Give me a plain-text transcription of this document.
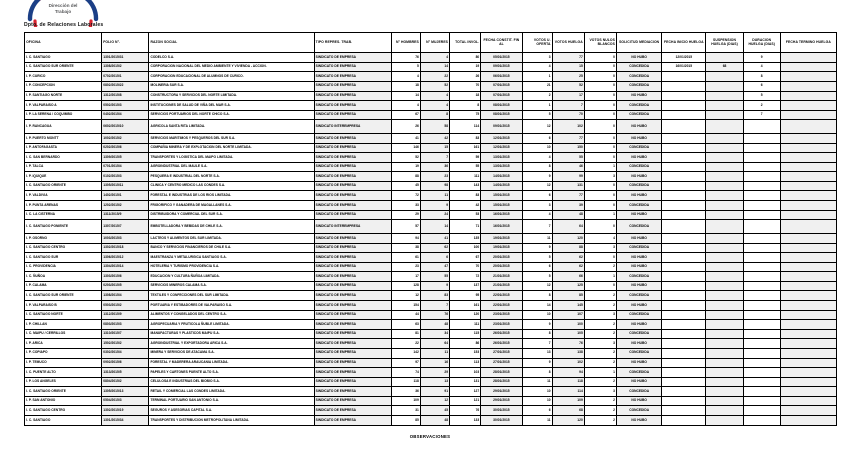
Dirección del
Trabajo
Dpto. de Relaciones Laborales
OFICINA	FOLIO N°.	RAZON SOCIAL	TIPO REPRES. TRAB.	N° HOMBRES	N° MUJERES	TOTAL INVOL.	FECHA CONSTIT. FIN AL	VOTOS U. OFERTA	VOTOS HUELGA	VOTOS NULOS BLANCOS	SOLICITUD MEDIACION	FECHA INICIO HUELGA	SUSPENSION HUELGA (DIAS)	DURACION HUELGA (DIAS)	FECHA TERMINO HUELGA
I. C. SANTIAGO	1301/2015/31	CODELCO S.A.	SINDICATO DE EMPRESA	76	4	80	05/01/2015	3	77	0	NO HUBO	12/01/2015		9	
I. C. SANTIAGO SUR ORIENTE	1308/2015/2	CORPORACION NACIONAL DEL MEDIO AMBIENTE Y VIVIENDA - ACCION.	SINDICATO DE EMPRESA	5	14	19	09/01/2015	4	15	0	CONCEDIDA	16/01/2015	68	4	
I. P. CURICO	0702/2015/1	CORPORACION EDUCACIONAL DE ALUMNOS DE CURICO.	SINDICATO DE EMPRESA	4	22	26	06/01/2015	1	25	0	CONCEDIDA			8	
I. P. CONCEPCION	0802/2015/22	MOLINERIA SUR S.A.	SINDICATO DE EMPRESA	18	52	70	07/01/2015	21	52	0	CONCEDIDA			6	
I. P. SANTIAGO NORTE	1312/2015/8	CONSTRUCTORA Y SERVICIOS DEL NORTE LIMITADA.	SINDICATO DE EMPRESA	14	4	18	07/01/2015	2	17	0	NO HUBO			5	
I. P. VALPARAISO A	0502/2015/3	INSTITUCIONES DE SALUD DE VIÑA DEL MAR S.A.	SINDICATO DE EMPRESA	4	4	8	08/01/2015	1	7	0	CONCEDIDA			2	
I. P. LA SERENA / COQUIMBO	0402/2015/4	SERVICIOS PORTUARIOS DEL NORTE CHICO S.A.	SINDICATO DE EMPRESA	67	8	75	08/01/2015	5	70	0	CONCEDIDA			7	
I. P. RANCAGUA	0602/2015/10	AGRICOLA SANTA RITA LIMITADA.	SINDICATO INTEREMPRESA	26	58	114	09/01/2015	12	102	0	NO HUBO				
I. P. PUERTO MONTT	1002/2015/2	SERVICIOS MARITIMOS Y PESQUEROS DEL SUR S.A.	SINDICATO DE EMPRESA	41	42	83	12/01/2015	6	77	0	NO HUBO				
I. P. ANTOFAGASTA	0202/2015/6	COMPAÑIA MINERA Y DE EXPLOTACION DEL NORTE LIMITADA.	SINDICATO DE EMPRESA	146	15	161	12/01/2015	10	150	0	CONCEDIDA				
I. C. SAN BERNARDO	1309/2015/5	TRANSPORTES Y LOGISTICA DEL MAIPO LIMITADA.	SINDICATO DE EMPRESA	52	7	59	13/01/2015	4	55	0	NO HUBO				
I. P. TALCA	0701/2015/4	AGROINDUSTRIAL DEL MAULE S.A.	SINDICATO DE EMPRESA	19	36	55	13/01/2015	8	46	1	CONCEDIDA				
I. P. IQUIQUE	0102/2015/3	PESQUERA E INDUSTRIAL DEL NORTE S.A.	SINDICATO DE EMPRESA	88	23	111	14/01/2015	9	99	3	NO HUBO				
I. C. SANTIAGO ORIENTE	1305/2015/11	CLINICA Y CENTRO MEDICO LAS CONDES S.A.	SINDICATO DE EMPRESA	45	98	143	14/01/2015	12	131	0	CONCEDIDA				
I. P. VALDIVIA	1402/2015/1	FORESTAL E INDUSTRIAS DE LOS RIOS LIMITADA.	SINDICATO DE EMPRESA	72	11	83	15/01/2015	6	77	0	NO HUBO				
I. P. PUNTA ARENAS	1202/2015/2	FRIGORIFICO Y GANADERA DE MAGALLANES S.A.	SINDICATO DE EMPRESA	33	9	42	15/01/2015	3	39	0	CONCEDIDA				
I. C. LA CISTERNA	1311/2015/9	DISTRIBUIDORA Y COMERCIAL DEL SUR S.A.	SINDICATO DE EMPRESA	29	24	53	16/01/2015	4	48	1	NO HUBO				
I. C. SANTIAGO PONIENTE	1307/2015/7	EMBOTELLADORA Y BEBIDAS DE CHILE S.A.	SINDICATO INTEREMPRESA	57	14	71	16/01/2015	7	64	0	CONCEDIDA				
I. P. OSORNO	1003/2015/3	LACTEOS Y ALIMENTOS DEL SUR LIMITADA.	SINDICATO DE EMPRESA	94	41	135	19/01/2015	11	120	4	NO HUBO				
I. C. SANTIAGO CENTRO	1302/2015/18	BANCO Y SERVICIOS FINANCIEROS DE CHILE S.A.	SINDICATO DE EMPRESA	38	62	100	19/01/2015	9	88	3	CONCEDIDA				
I. C. SANTIAGO SUR	1306/2015/12	MAESTRANZA Y METALURGICA SANTIAGO S.A.	SINDICATO DE EMPRESA	61	6	67	20/01/2015	5	62	0	NO HUBO				
I. C. PROVIDENCIA	1304/2015/14	HOTELERIA Y TURISMO PROVIDENCIA S.A.	SINDICATO DE EMPRESA	23	47	70	20/01/2015	6	62	2	NO HUBO				
I. C. ÑUÑOA	1303/2015/6	EDUCACION Y CULTURA ÑUÑOA LIMITADA.	SINDICATO DE EMPRESA	17	55	72	21/01/2015	5	66	1	CONCEDIDA				
I. P. CALAMA	0203/2015/5	SERVICIOS MINEROS CALAMA S.A.	SINDICATO DE EMPRESA	128	9	137	21/01/2015	12	125	0	NO HUBO				
I. C. SANTIAGO SUR ORIENTE	1308/2015/4	TEXTILES Y CONFECCIONES DEL SUR LIMITADA.	SINDICATO DE EMPRESA	12	83	95	22/01/2015	8	85	2	CONCEDIDA				
I. P. VALPARAISO B	0503/2015/2	PORTUARIA Y ESTIBADORES DE VALPARAISO S.A.	SINDICATO DE EMPRESA	154	7	161	22/01/2015	14	145	2	NO HUBO				
I. C. SANTIAGO NORTE	1312/2015/9	ALIMENTOS Y CONGELADOS DEL CENTRO S.A.	SINDICATO DE EMPRESA	44	76	120	23/01/2015	10	107	3	CONCEDIDA				
I. P. CHILLAN	0803/2015/3	AGROPECUARIA Y FRUTICOLA ÑUBLE LIMITADA.	SINDICATO DE EMPRESA	63	48	111	23/01/2015	9	100	2	NO HUBO				
I. C. MAIPU / CERRILLOS	1310/2015/7	MANUFACTURAS Y PLASTICOS MAIPU S.A.	SINDICATO DE EMPRESA	81	34	115	26/01/2015	8	105	2	CONCEDIDA				
I. P. ARICA	1502/2015/2	AGROINDUSTRIAL Y EXPORTADORA ARICA S.A.	SINDICATO DE EMPRESA	22	64	86	26/01/2015	7	76	3	NO HUBO				
I. P. COPIAPO	0302/2015/4	MINERA Y SERVICIOS DE ATACAMA S.A.	SINDICATO DE EMPRESA	142	11	153	27/01/2015	13	138	2	CONCEDIDA				
I. P. TEMUCO	0902/2015/6	FORESTAL Y MADERERA ARAUCANIA LIMITADA.	SINDICATO DE EMPRESA	97	16	113	27/01/2015	9	102	2	NO HUBO				
I. C. PUENTE ALTO	1313/2015/5	PAPELES Y CARTONES PUENTE ALTO S.A.	SINDICATO DE EMPRESA	74	29	103	28/01/2015	8	94	1	CONCEDIDA				
I. P. LOS ANGELES	0804/2015/2	CELULOSA E INDUSTRIAS DEL BIOBIO S.A.	SINDICATO DE EMPRESA	118	13	131	28/01/2015	11	118	2	NO HUBO				
I. C. SANTIAGO ORIENTE	1305/2015/13	RETAIL Y COMERCIAL LAS CONDES LIMITADA.	SINDICATO DE EMPRESA	36	91	127	29/01/2015	10	114	3	CONCEDIDA				
I. P. SAN ANTONIO	0504/2015/3	TERMINAL PORTUARIO SAN ANTONIO S.A.	SINDICATO DE EMPRESA	109	12	121	29/01/2015	10	109	2	NO HUBO				
I. C. SANTIAGO CENTRO	1302/2015/19	SEGUROS Y ASESORIAS CAPITAL S.A.	SINDICATO DE EMPRESA	31	45	76	30/01/2015	6	68	2	CONCEDIDA				
I. C. SANTIAGO	1301/2015/34	TRANSPORTES Y DISTRIBUCION METROPOLITANA LIMITADA.	SINDICATO DE EMPRESA	85	48	133	30/01/2015	11	120	2	NO HUBO				
OBSERVACIONES
